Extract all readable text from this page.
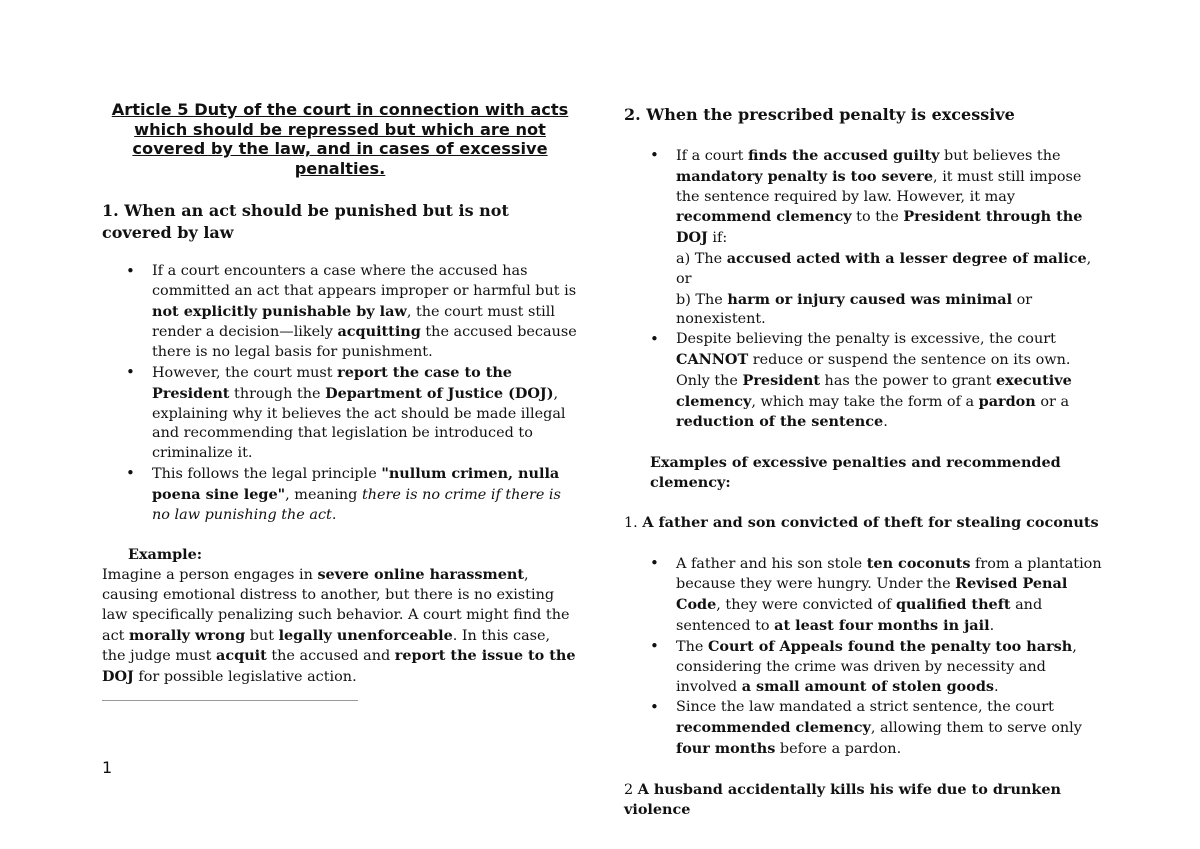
Article 5 Duty of the court in connection with acts which should be repressed but which are not covered by the law, and in cases of excessive penalties.

1. When an act should be punished but is not covered by law
• If a court encounters a case where the accused has committed an act that appears improper or harmful but is not explicitly punishable by law, the court must still render a decision—likely acquitting the accused because there is no legal basis for punishment.
• However, the court must report the case to the President through the Department of Justice (DOJ), explaining why it believes the act should be made illegal and recommending that legislation be introduced to criminalize it.
• This follows the legal principle "nullum crimen, nulla poena sine lege", meaning there is no crime if there is no law punishing the act.

Example:

Imagine a person engages in severe online harassment, causing emotional distress to another, but there is no existing law specifically penalizing such behavior. A court might find the act morally wrong but legally unenforceable. In this case, the judge must acquit the accused and report the issue to the DOJ for possible legislative action.

1
2. When the prescribed penalty is excessive
• If a court finds the accused guilty but believes the mandatory penalty is too severe, it must still impose the sentence required by law. However, it may recommend clemency to the President through the DOJ if:
a) The accused acted with a lesser degree of malice, or
b) The harm or injury caused was minimal or nonexistent.
• Despite believing the penalty is excessive, the court CANNOT reduce or suspend the sentence on its own. Only the President has the power to grant executive clemency, which may take the form of a pardon or a reduction of the sentence.

Examples of excessive penalties and recommended clemency:

1. A father and son convicted of theft for stealing coconuts

• A father and his son stole ten coconuts from a plantation because they were hungry. Under the Revised Penal Code, they were convicted of qualified theft and sentenced to at least four months in jail.
• The Court of Appeals found the penalty too harsh, considering the crime was driven by necessity and involved a small amount of stolen goods.
• Since the law mandated a strict sentence, the court recommended clemency, allowing them to serve only four months before a pardon.

2 A husband accidentally kills his wife due to drunken violence
